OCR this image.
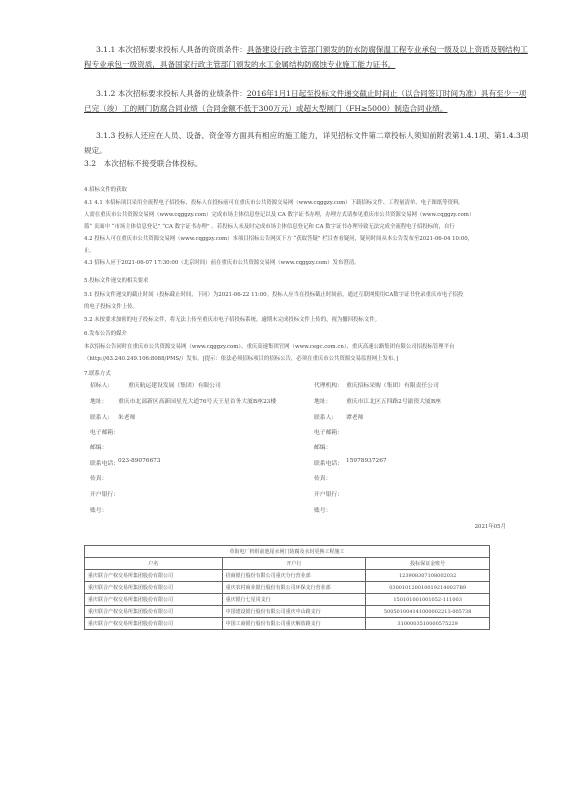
3.1.1 本次招标要求投标人具备的资质条件：具备建设行政主管部门颁发的防水防腐保温工程专业承包一级及以上资质及钢结构工程专业承包一级资质，具备国家行政主管部门颁发的水工金属结构防腐蚀专业施工能力证书。
3.1.2 本次招标要求投标人具备的业绩条件：2016年1月1日起至投标文件递交截止时间止（以合同签订时间为准）具有至少一项已完（竣）工的闸门防腐合同业绩（合同金额不低于300万元）或超大型闸门（FH≥5000）制造合同业绩。
3.1.3 投标人还应在人员、设备、资金等方面具有相应的施工能力，详见招标文件第二章投标人须知前附表第1.4.1项、第1.4.3项规定。
3.2　本次招标不接受联合体投标。
4.招标文件的获取
4.1 4.1 本招标项目采用全流程电子招投标，投标人在投标前可在重庆市公共资源交易网（www.cqggzy.com）下载招标文件、工程量清单、电子图纸等资料。
人需在重庆市公共资源交易网（www.cqggzy.com）完成市场主体信息登记以及 CA 数字证书办理，办理方式请参见重庆市公共资源交易网（www.cqggzy.com）
篮“ 页面中 “市场主体信息登记” “CA 数字证书办理” 。若投标人未及时完成市场主体信息登记和 CA 数字证书办理导致无法完成全流程电子招投标的，自行
4.2 投标人可在重庆市公共资源交易网（www.cqggzy.com）本项目招标公告网页下方 “获取答疑” 栏目查看疑问，疑问时间从本公告发布至2021-06-04 10:00，
止。
4.3 招标人应于2021-06-07 17:30:00（北京时间）前在重庆市公共资源交易网（www.cqggzy.com）发布澄清。
5.投标文件递交的相关要求
5.1 投标文件递交的截止时间（投标截止时间，下同）为2021-06-22 11:00。投标人应当在投标截止时间前，通过互联网使用CA数字证书登录重庆市电子招投
的电子投标文件上传。
5.2 未按要求加密的电子投标文件，将无法上传至重庆市电子招投标系统，逾期未完成投标文件上传的，视为撤回投标文件。
6.发布公告的媒介
本次招标公告同时在重庆市公共资源交易网（www.cqggzy.com）、重庆高速集团官网（www.cegc.com.cn）、重庆高速公路集团有限公司招投标管理平台
（http://63.240.249.106:8088/PMS/）发布。[提示：依法必须招标项目的招标公告，必须在重庆市公共资源交易监督网上发布。]
7.联系方式
招标人：	重庆航运建设发展（集团）有限公司
地址： 重庆市北部新区高新园星光大道76号天王星首务大厦B座23楼
联系人： 朱老师
电子邮箱：
邮编：
联系电话： 023-89076673
传真：
开户银行：
账号：
代理机构： 重庆招标采购（集团）有限责任公司
地址：	重庆市江北区五四路2号渝资大厦B座
联系人： 谭老师
电子邮箱：
邮编：
联系电话： 15978937267
传真：
开户银行：
账号：
2021年05月
草街电厂机组前池尾水闸门防腐及水封更换工程施工		
户名	开户行	投标保证金账号
重庆联合产权交易所集团股份有限公司	招商银行股份有限公司重庆分行营业部	123908307108002032
重庆联合产权交易所集团股份有限公司	重庆农村商业银行股份有限公司环保支行营业部	0300101200100192140027B9
重庆联合产权交易所集团股份有限公司	重庆银行七星岗支行	150101001001052-111003
重庆联合产权交易所集团股份有限公司	中国建设银行股份有限公司重庆中山路支行	500501004141000002213-005738
重庆联合产权交易所集团股份有限公司	中国工商银行股份有限公司重庆解放路支行	3100003510000575229
